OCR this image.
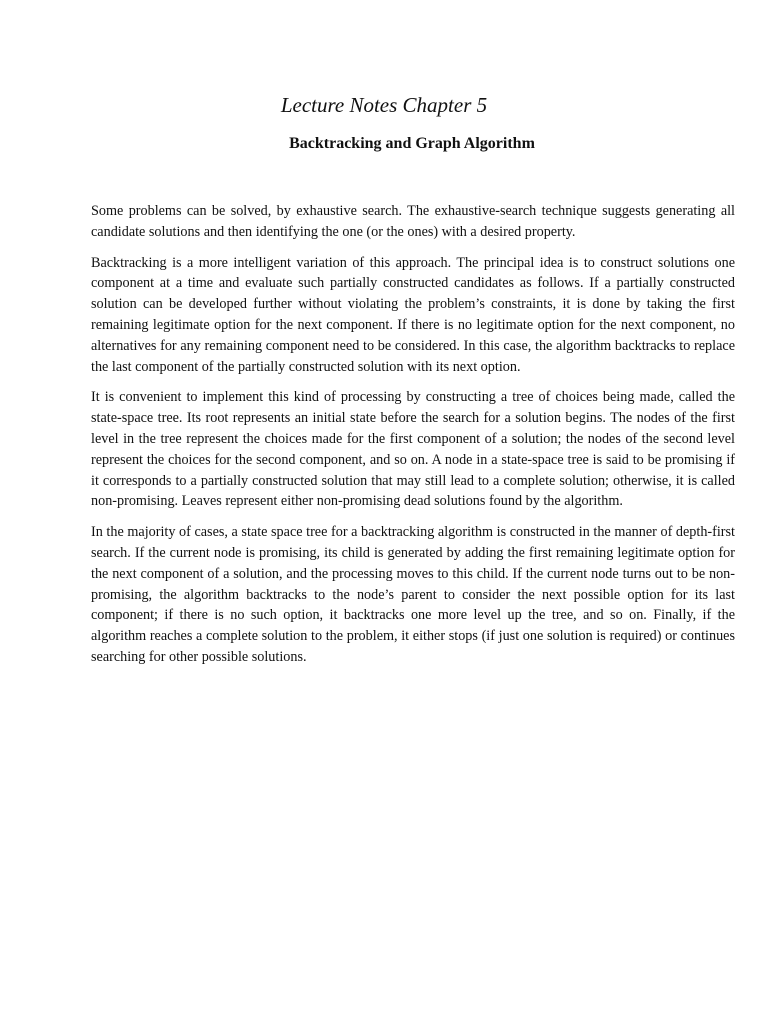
Lecture Notes Chapter 5
Backtracking and Graph Algorithm

Some problems can be solved, by exhaustive search. The exhaustive-search technique suggests generating all candidate solutions and then identifying the one (or the ones) with a desired property.

Backtracking is a more intelligent variation of this approach. The principal idea is to construct solutions one component at a time and evaluate such partially constructed candidates as follows. If a partially constructed solution can be developed further without violating the problem’s constraints, it is done by taking the first remaining legitimate option for the next component. If there is no legitimate option for the next component, no alternatives for any remaining component need to be considered. In this case, the algorithm backtracks to replace the last component of the partially constructed solution with its next option.

It is convenient to implement this kind of processing by constructing a tree of choices being made, called the state-space tree. Its root represents an initial state before the search for a solution begins. The nodes of the first level in the tree represent the choices made for the first component of a solution; the nodes of the second level represent the choices for the second component, and so on. A node in a state-space tree is said to be promising if it corresponds to a partially constructed solution that may still lead to a complete solution; otherwise, it is called non-promising. Leaves represent either non-promising dead solutions found by the algorithm.

In the majority of cases, a state space tree for a backtracking algorithm is constructed in the manner of depth-first search. If the current node is promising, its child is generated by adding the first remaining legitimate option for the next component of a solution, and the processing moves to this child. If the current node turns out to be non-promising, the algorithm backtracks to the node’s parent to consider the next possible option for its last component; if there is no such option, it backtracks one more level up the tree, and so on. Finally, if the algorithm reaches a complete solution to the problem, it either stops (if just one solution is required) or continues searching for other possible solutions.
